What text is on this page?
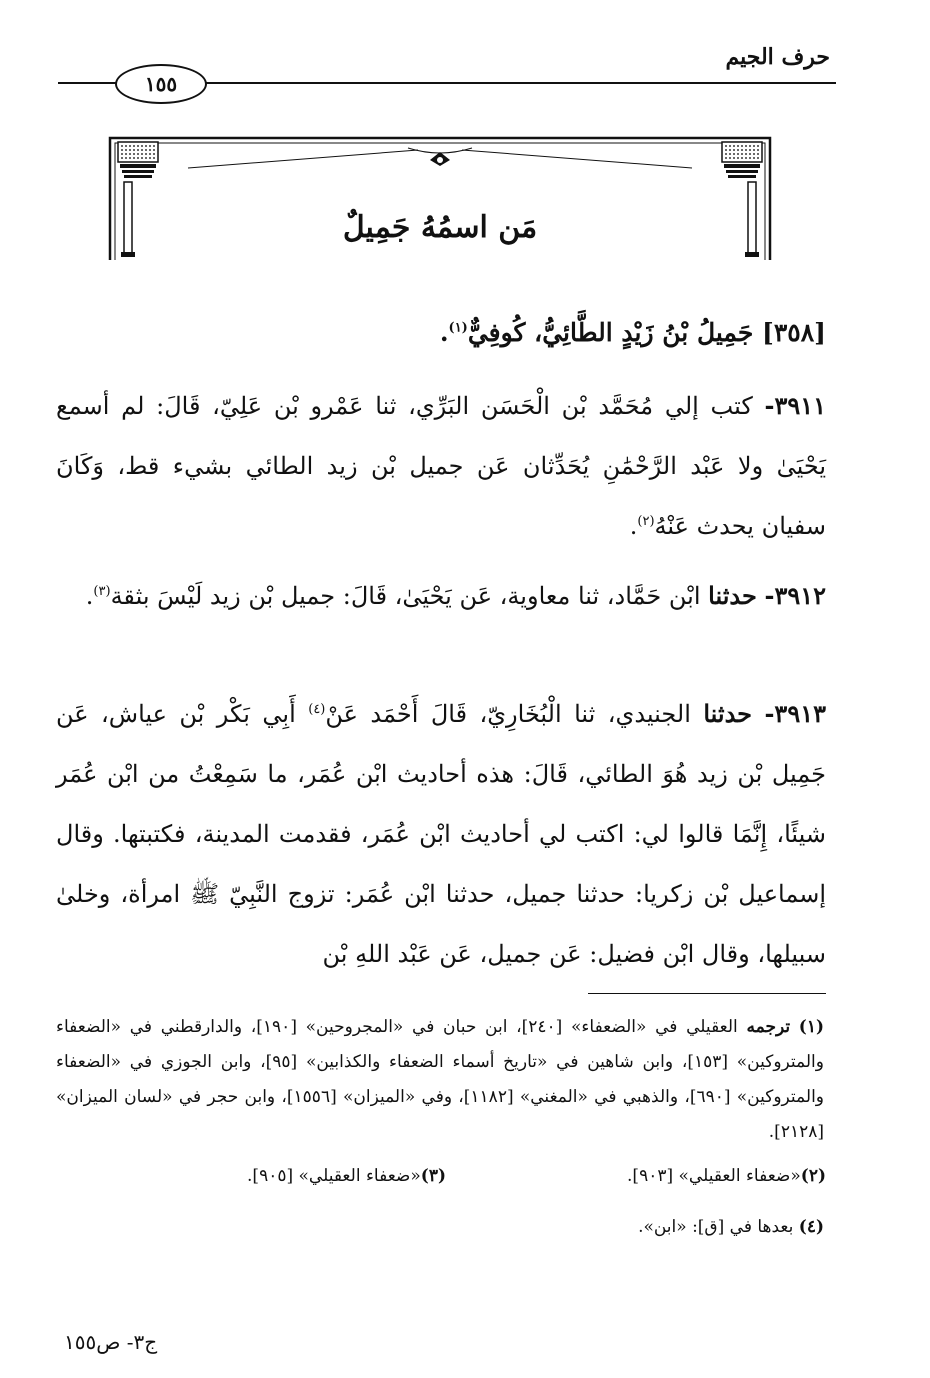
حرف الجيم
١٥٥
مَن اسمُهُ جَمِيلٌ
[٣٥٨] جَمِيلُ بْنُ زَيْدٍ الطَّائِيُّ، كُوفِيٌّ$^{(١)}$.
٣٩١١- كتب إلي مُحَمَّد بْن الْحَسَن البَرِّي، ثنا عَمْرو بْن عَلِيّ، قَالَ: لم أسمع يَحْيَىٰ ولا عَبْد الرَّحْمَٰنِ يُحَدِّثان عَن جميل بْن زيد الطائي بشيء قط، وَكَانَ سفيان يحدث عَنْهُ$^{(٢)}$.
٣٩١٢- حدثنا ابْن حَمَّاد، ثنا معاوية، عَن يَحْيَىٰ، قَالَ: جميل بْن زيد لَيْسَ بثقة$^{(٣)}$.
٣٩١٣- حدثنا الجنيدي، ثنا الْبُخَارِيّ، قَالَ أَحْمَد عَنْ$^{(٤)}$ أَبِي بَكْر بْن عياش، عَن جَمِيل بْن زيد هُوَ الطائي، قَالَ: هذه أحاديث ابْن عُمَر، ما سَمِعْتُ من ابْن عُمَر شيئًا، إِنَّمَا قالوا لي: اكتب لي أحاديث ابْن عُمَر، فقدمت المدينة، فكتبتها. وقال إسماعيل بْن زكريا: حدثنا جميل، حدثنا ابْن عُمَر: تزوج النَّبِيّ ﷺ امرأة، وخلىٰ سبيلها، وقال ابْن فضيل: عَن جميل، عَن عَبْد اللهِ بْن
(١) ترجمه العقيلي في «الضعفاء» [٢٤٠]، ابن حبان في «المجروحين» [١٩٠]، والدارقطني في «الضعفاء والمتروكين» [١٥٣]، وابن شاهين في «تاريخ أسماء الضعفاء والكذابين» [٩٥]، وابن الجوزي في «الضعفاء والمتروكين» [٦٩٠]، والذهبي في «المغني» [١١٨٢]، وفي «الميزان» [١٥٥٦]، وابن حجر في «لسان الميزان» [٢١٢٨].
(٢)
«ضعفاء العقيلي» [٩٠٣].
(٣)
«ضعفاء العقيلي» [٩٠٥].
(٤) بعدها في [ق]: «ابن».
ج٣- ص١٥٥
